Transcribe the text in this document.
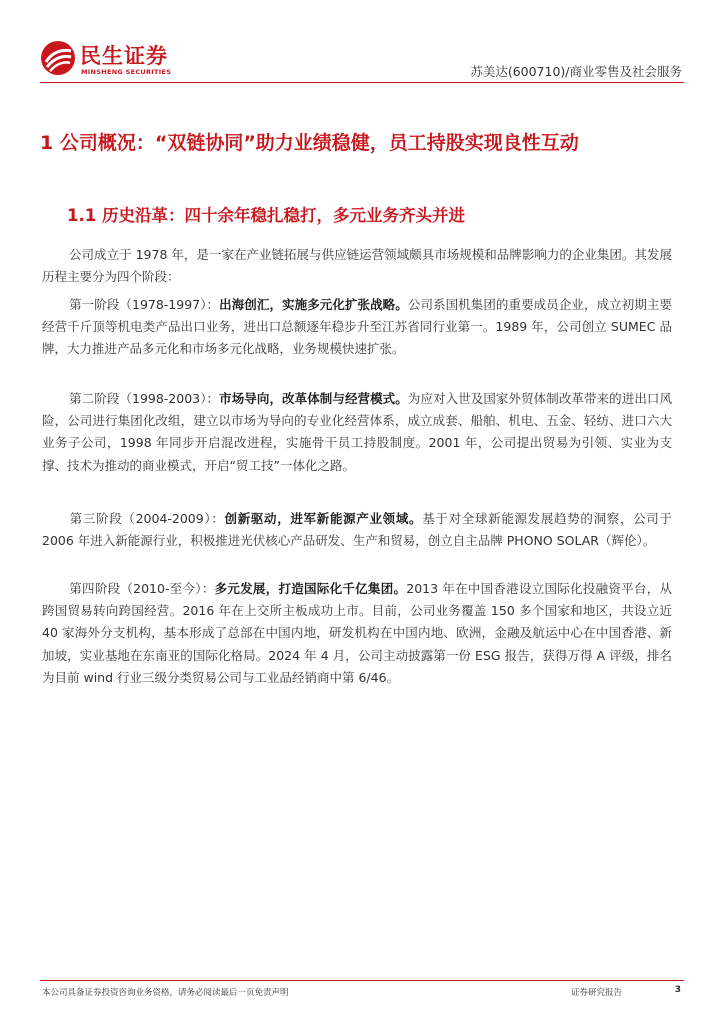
民生证券
MINSHENG SECURITIES	苏美达(600710)/商业零售及社会服务
1 公司概况：“双链协同”助力业绩稳健，员工持股实现良性互动
1.1 历史沿革：四十余年稳扎稳打，多元业务齐头并进

公司成立于 1978 年，是一家在产业链拓展与供应链运营领域颇具市场规模和品牌影响力的企业集团。其发展历程主要分为四个阶段：

第一阶段（1978-1997）：出海创汇，实施多元化扩张战略。公司系国机集团的重要成员企业，成立初期主要经营千斤顶等机电类产品出口业务，进出口总额逐年稳步升至江苏省同行业第一。1989 年，公司创立 SUMEC 品牌，大力推进产品多元化和市场多元化战略，业务规模快速扩张。

第二阶段（1998-2003）：市场导向，改革体制与经营模式。为应对入世及国家外贸体制改革带来的进出口风险，公司进行集团化改组，建立以市场为导向的专业化经营体系，成立成套、船舶、机电、五金、轻纺、进口六大业务子公司，1998 年同步开启混改进程，实施骨干员工持股制度。2001 年，公司提出贸易为引领、实业为支撑、技术为推动的商业模式，开启“贸工技”一体化之路。

第三阶段（2004-2009）：创新驱动，进军新能源产业领域。基于对全球新能源发展趋势的洞察，公司于 2006 年进入新能源行业，积极推进光伏核心产品研发、生产和贸易，创立自主品牌 PHONO SOLAR（辉伦）。

第四阶段（2010-至今）：多元发展，打造国际化千亿集团。2013 年在中国香港设立国际化投融资平台，从跨国贸易转向跨国经营。2016 年在上交所主板成功上市。目前，公司业务覆盖 150 多个国家和地区，共设立近 40 家海外分支机构，基本形成了总部在中国内地，研发机构在中国内地、欧洲，金融及航运中心在中国香港、新加坡，实业基地在东南亚的国际化格局。2024 年 4 月，公司主动披露第一份 ESG 报告，获得万得 A 评级，排名为目前 wind 行业三级分类贸易公司与工业品经销商中第 6/46。

本公司具备证券投资咨询业务资格，请务必阅读最后一页免责声明	证券研究报告	3
